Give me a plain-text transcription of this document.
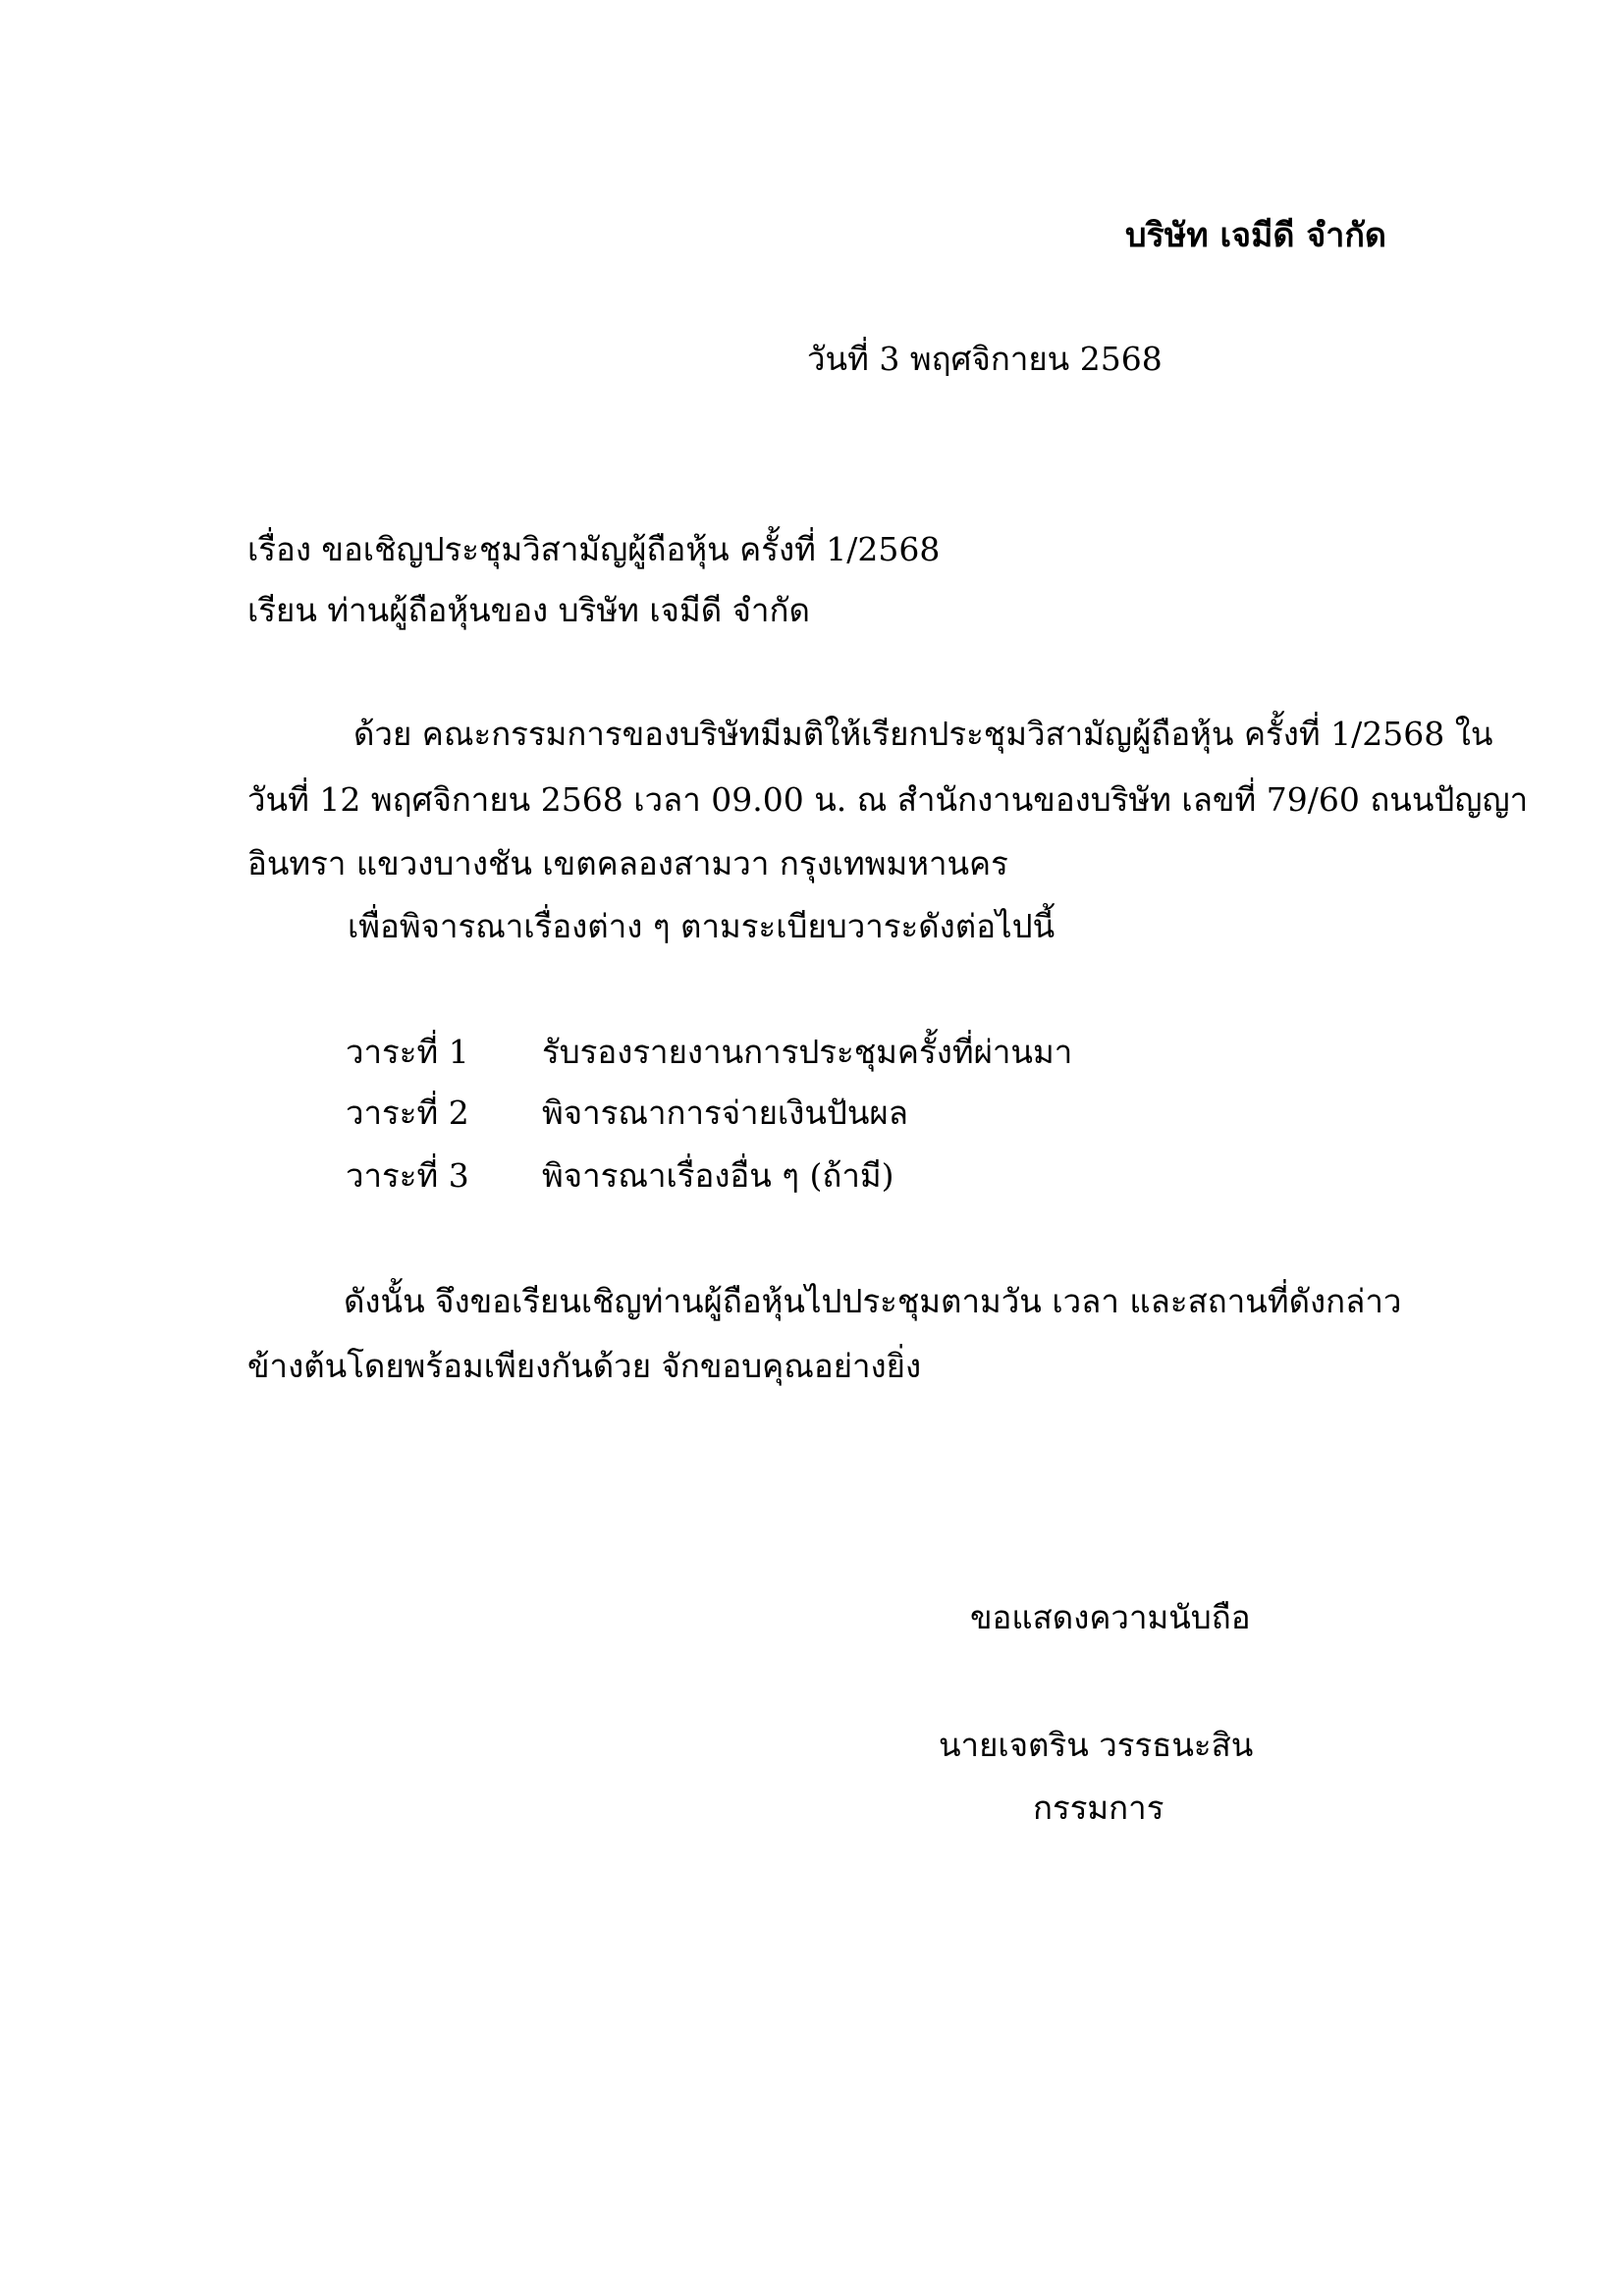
บริษัท เจมีดี จำกัด
วันที่ 3 พฤศจิกายน 2568
เรื่อง ขอเชิญประชุมวิสามัญผู้ถือหุ้น ครั้งที่ 1/2568
เรียน ท่านผู้ถือหุ้นของ บริษัท เจมีดี จำกัด
ด้วย คณะกรรมการของบริษัทมีมติให้เรียกประชุมวิสามัญผู้ถือหุ้น ครั้งที่ 1/2568 ใน
วันที่ 12 พฤศจิกายน 2568 เวลา 09.00 น. ณ สำนักงานของบริษัท เลขที่ 79/60 ถนนปัญญา
อินทรา แขวงบางชัน เขตคลองสามวา กรุงเทพมหานคร
เพื่อพิจารณาเรื่องต่าง ๆ ตามระเบียบวาระดังต่อไปนี้
วาระที่ 1 รับรองรายงานการประชุมครั้งที่ผ่านมา
วาระที่ 2 พิจารณาการจ่ายเงินปันผล
วาระที่ 3 พิจารณาเรื่องอื่น ๆ (ถ้ามี)
ดังนั้น จึงขอเรียนเชิญท่านผู้ถือหุ้นไปประชุมตามวัน เวลา และสถานที่ดังกล่าว
ข้างต้นโดยพร้อมเพียงกันด้วย จักขอบคุณอย่างยิ่ง
ขอแสดงความนับถือ
นายเจตริน วรรธนะสิน
กรรมการ
